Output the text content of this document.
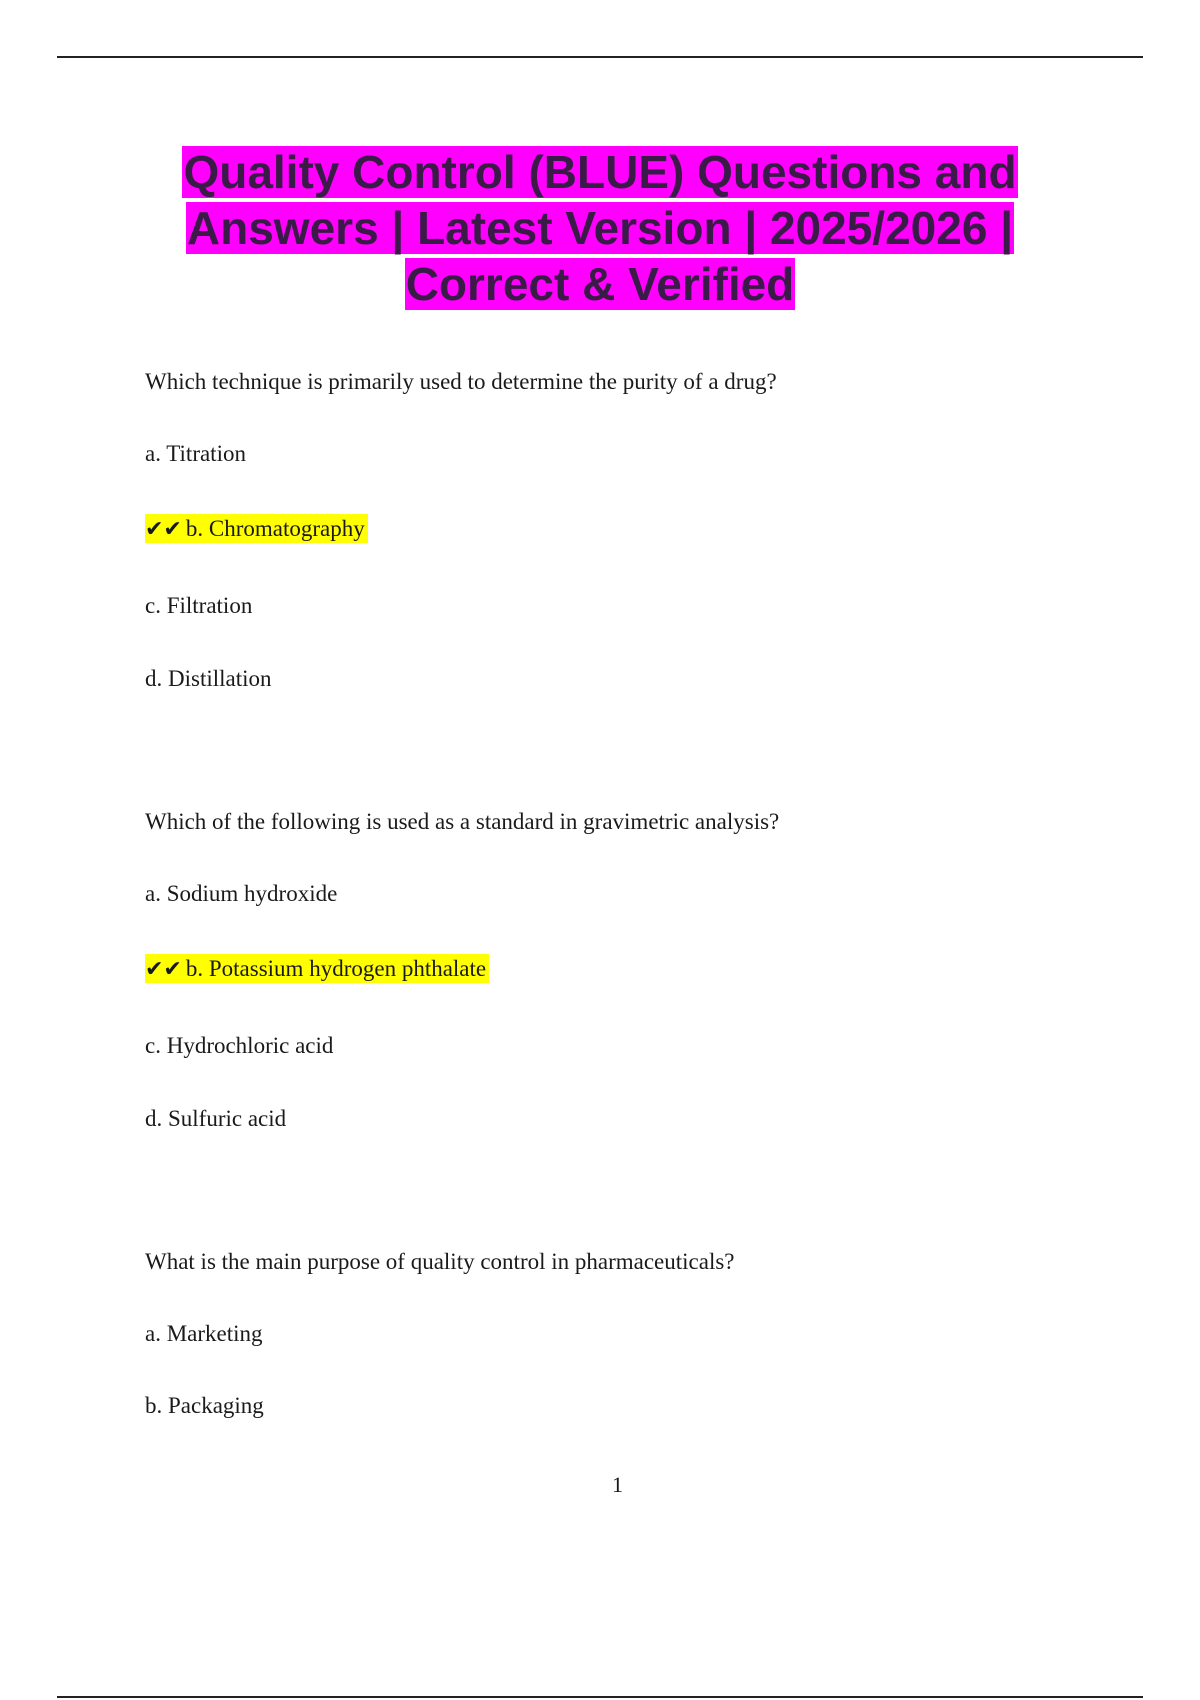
Quality Control (BLUE) Questions and
Answers | Latest Version | 2025/2026 |
Correct & Verified
Which technique is primarily used to determine the purity of a drug?
a. Titration
✔✔ b. Chromatography
c. Filtration
d. Distillation
Which of the following is used as a standard in gravimetric analysis?
a. Sodium hydroxide
✔✔ b. Potassium hydrogen phthalate
c. Hydrochloric acid
d. Sulfuric acid
What is the main purpose of quality control in pharmaceuticals?
a. Marketing
b. Packaging
1
